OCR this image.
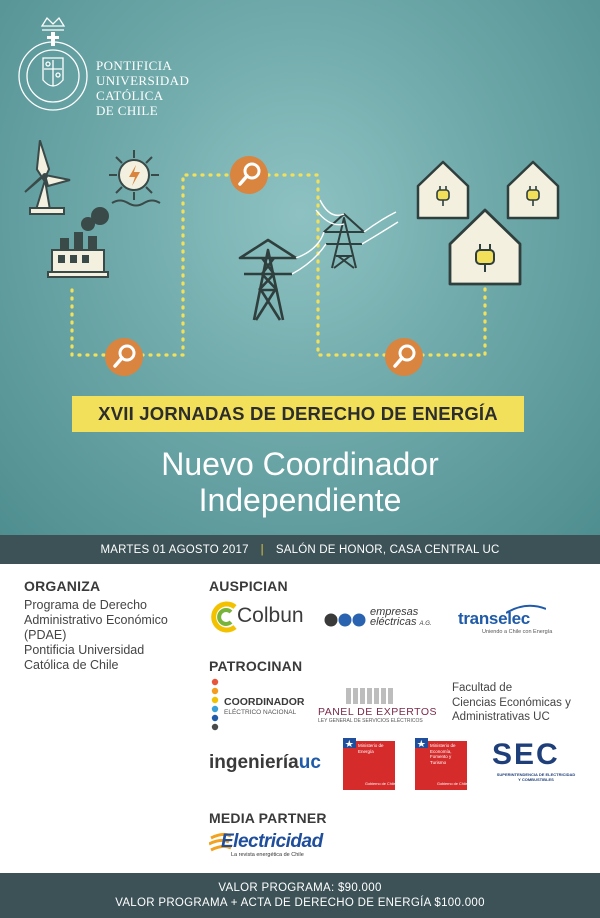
PONTIFICIA
UNIVERSIDAD
CATÓLICA
DE CHILE
XVII JORNADAS DE DERECHO DE ENERGÍA
Nuevo Coordinador
Independiente
MARTES 01 AGOSTO 2017 | SALÓN DE HONOR, CASA CENTRAL UC
ORGANIZA
Programa de Derecho
Administrativo Económico
(PDAE)
Pontificia Universidad
Católica de Chile
AUSPICIAN
Colbun	empresas
eléctricas A.G. transelec
Uniendo a Chile con Energía
PATROCINAN
COORDINADOR
ELÉCTRICO NACIONAL PANEL DE EXPERTOS
LEY GENERAL DE SERVICIOS ELÉCTRICOS
Facultad de
Ciencias Económicas y
Administrativas UC
ingenieríauc
Ministerio de
Energía
Gobierno de Chile
Ministerio de
Economía,
Fomento y
Turismo
Gobierno de Chile
SEC
SUPERINTENDENCIA DE ELECTRICIDAD
Y COMBUSTIBLES
MEDIA PARTNER
Electricidad
La revista energética de Chile
VALOR PROGRAMA: $90.000
VALOR PROGRAMA + ACTA DE DERECHO DE ENERGÍA $100.000
